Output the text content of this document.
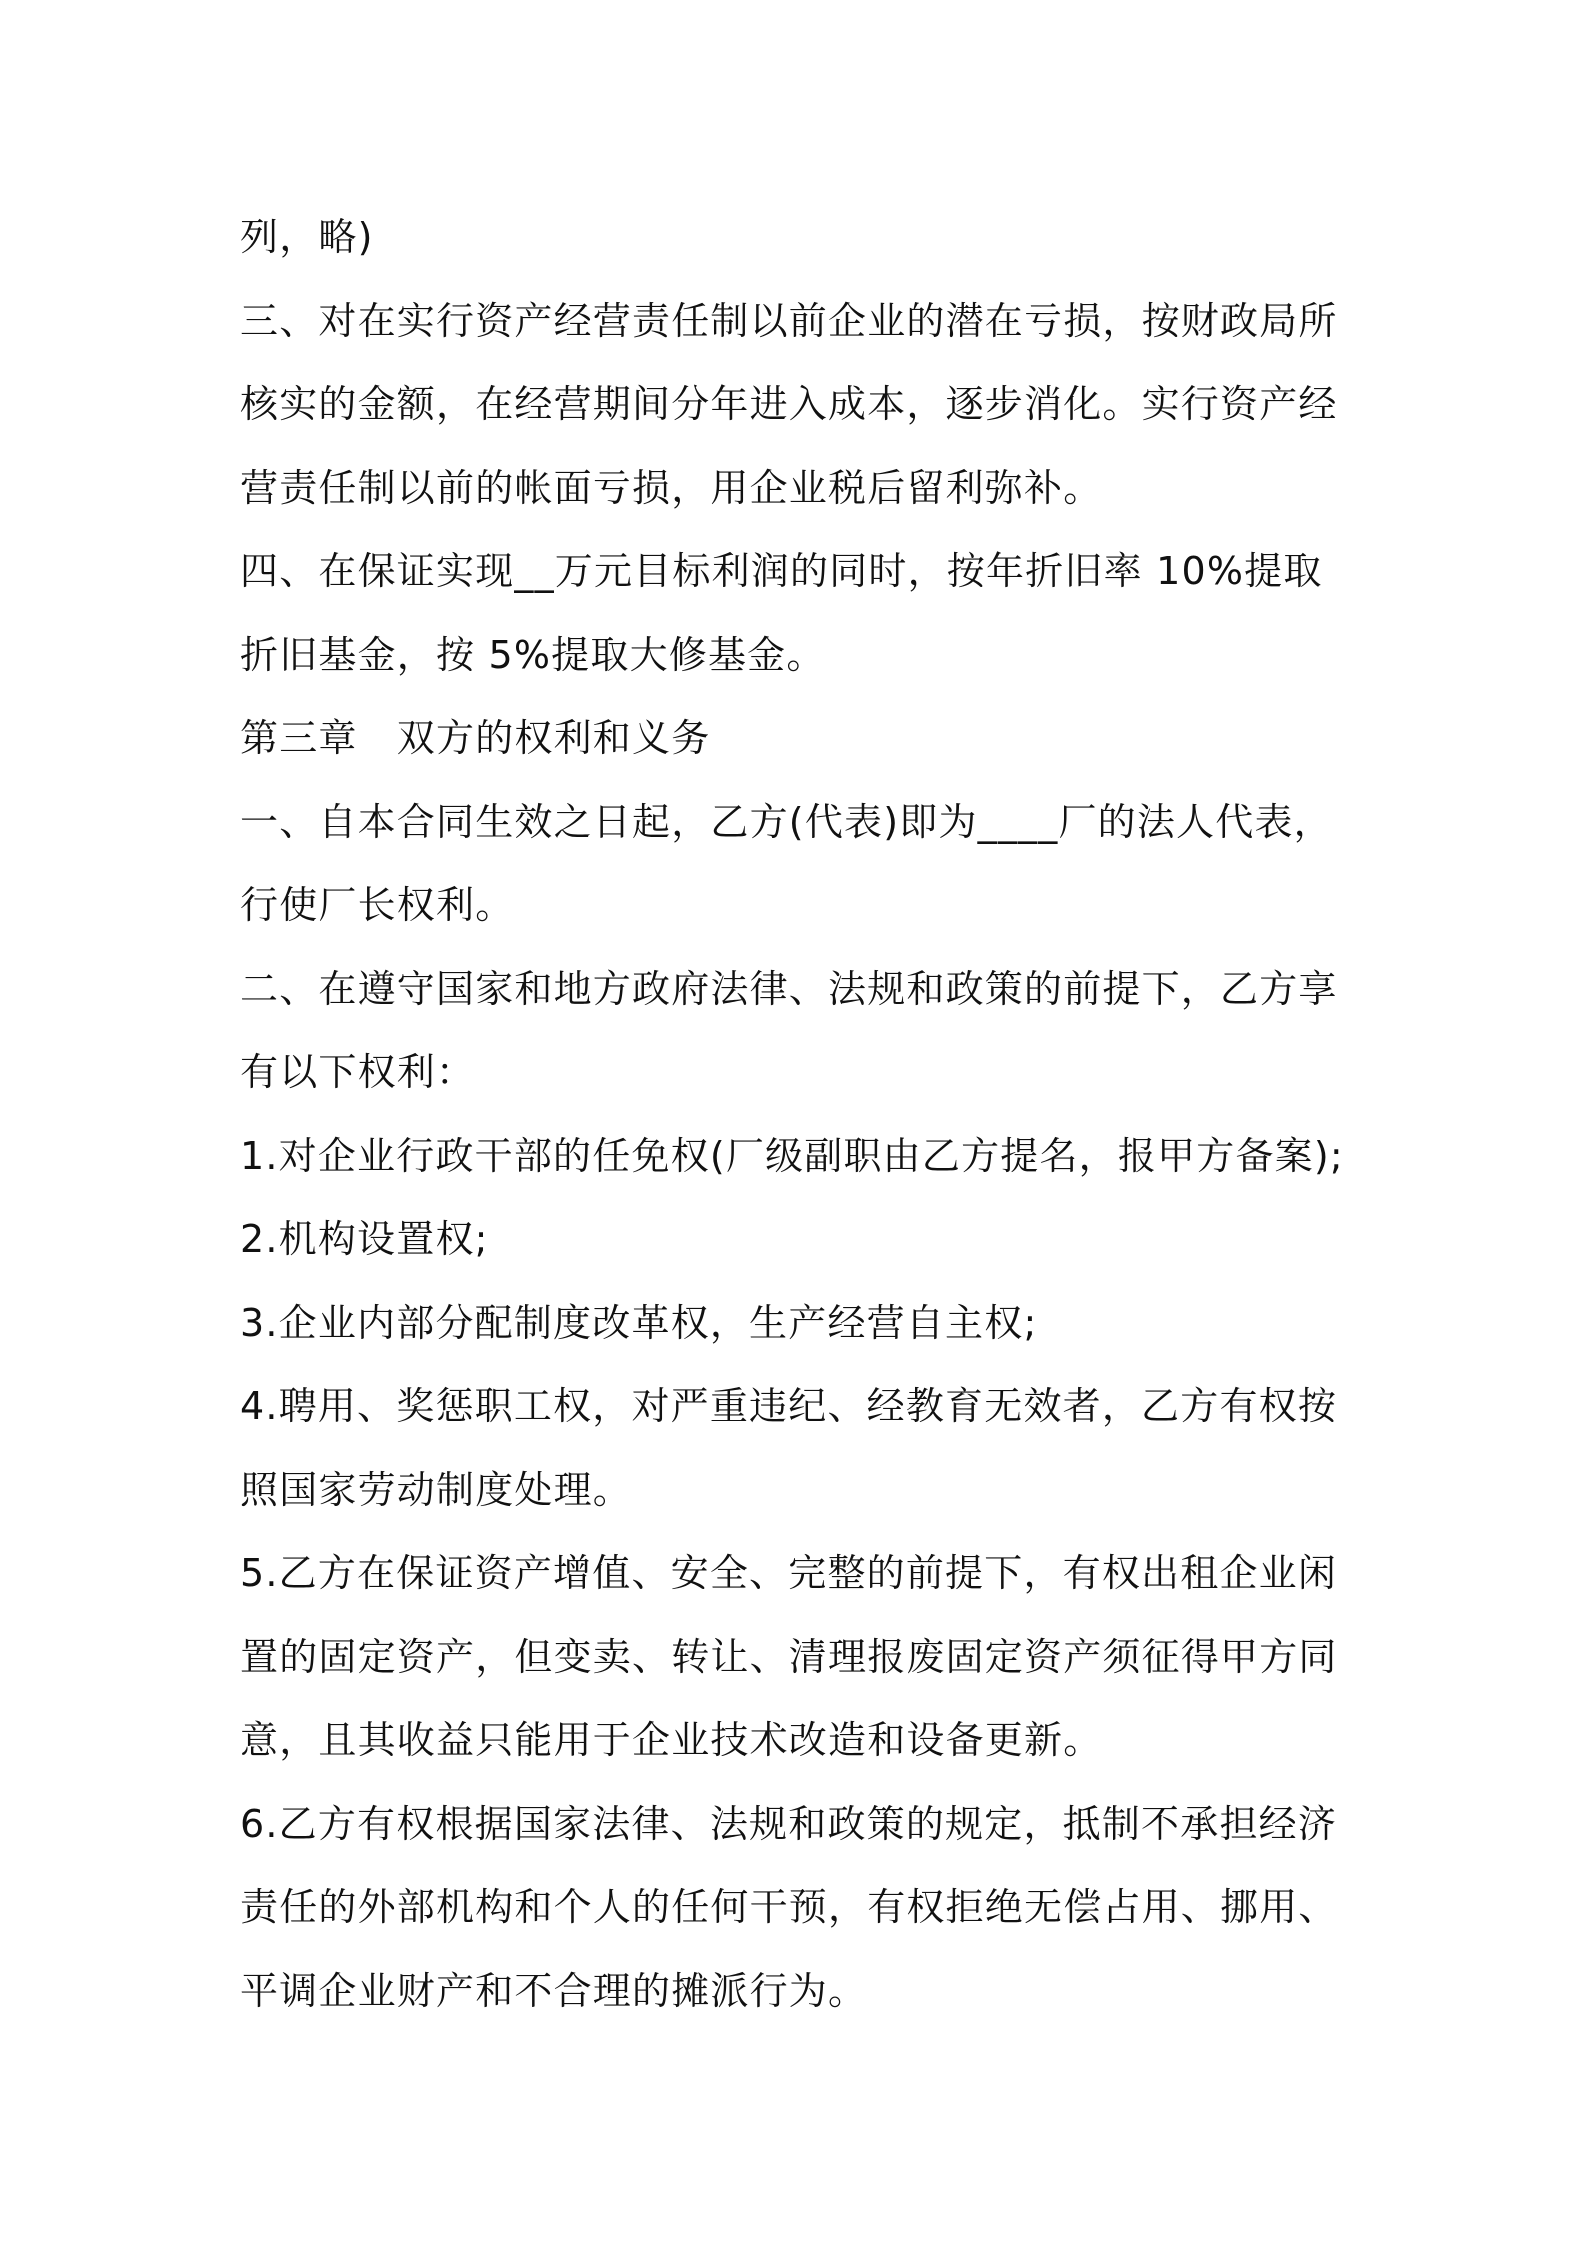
列，略)
三、对在实行资产经营责任制以前企业的潜在亏损，按财政局所
核实的金额，在经营期间分年进入成本，逐步消化。实行资产经
营责任制以前的帐面亏损，用企业税后留利弥补。
四、在保证实现__万元目标利润的同时，按年折旧率 10%提取
折旧基金，按 5%提取大修基金。
第三章　双方的权利和义务
一、自本合同生效之日起，乙方(代表)即为____厂的法人代表，
行使厂长权利。
二、在遵守国家和地方政府法律、法规和政策的前提下，乙方享
有以下权利：
1.对企业行政干部的任免权(厂级副职由乙方提名，报甲方备案);
2.机构设置权;
3.企业内部分配制度改革权，生产经营自主权;
4.聘用、奖惩职工权，对严重违纪、经教育无效者，乙方有权按
照国家劳动制度处理。
5.乙方在保证资产增值、安全、完整的前提下，有权出租企业闲
置的固定资产，但变卖、转让、清理报废固定资产须征得甲方同
意，且其收益只能用于企业技术改造和设备更新。
6.乙方有权根据国家法律、法规和政策的规定，抵制不承担经济
责任的外部机构和个人的任何干预，有权拒绝无偿占用、挪用、
平调企业财产和不合理的摊派行为。
